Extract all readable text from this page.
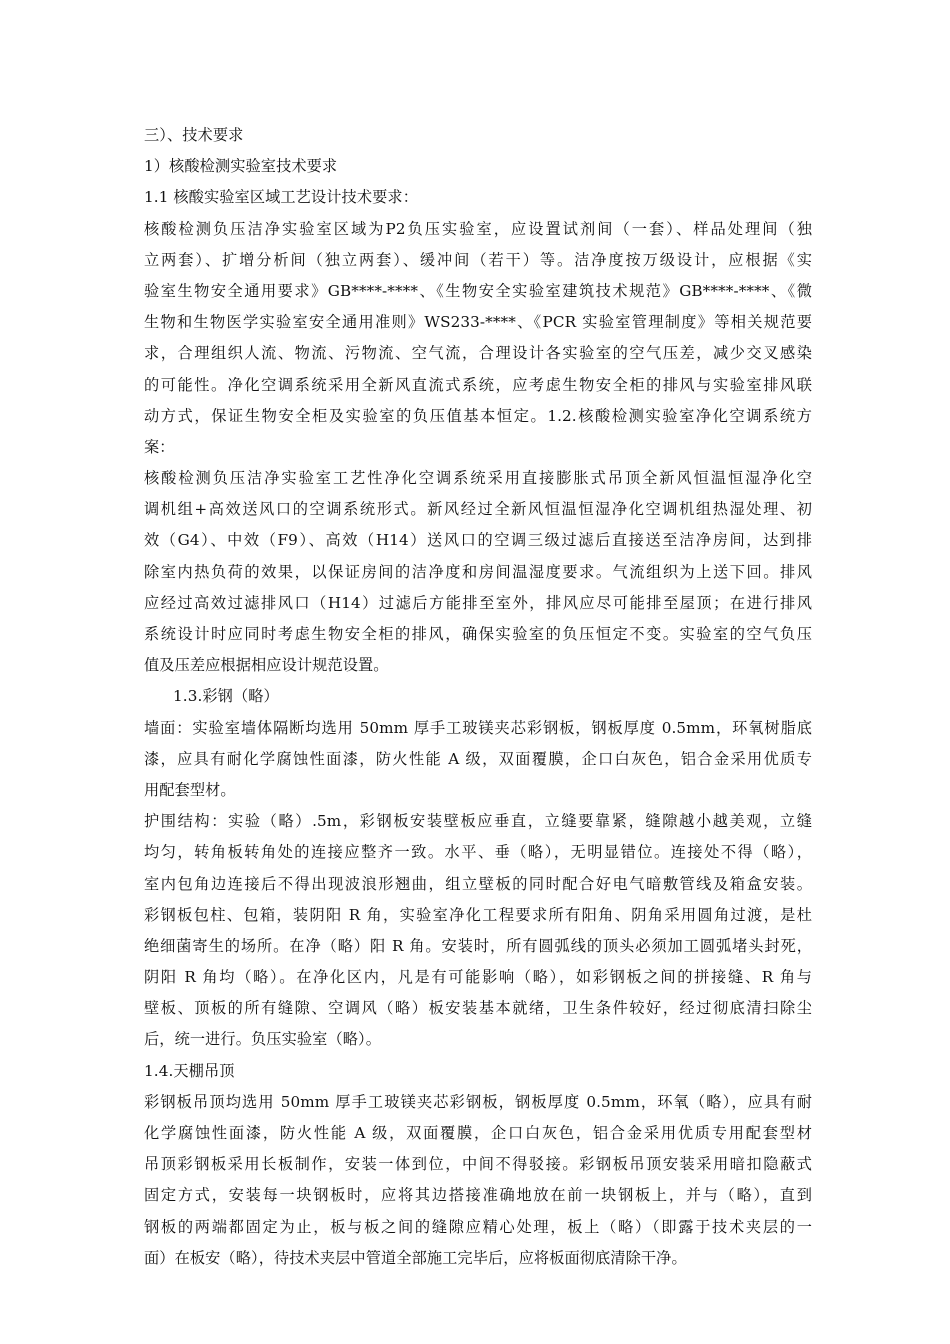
三）、技术要求
1）核酸检测实验室技术要求
1.1 核酸实验室区域工艺设计技术要求：
核酸检测负压洁净实验室区域为P2负压实验室，应设置试剂间（一套）、样品处理间（独
立两套）、扩增分析间（独立两套）、缓冲间（若干）等。洁净度按万级设计，应根据《实
验室生物安全通用要求》GB****-****、《生物安全实验室建筑技术规范》GB****-****、《微
生物和生物医学实验室安全通用准则》WS233-****、《PCR 实验室管理制度》等相关规范要
求，合理组织人流、物流、污物流、空气流，合理设计各实验室的空气压差，减少交叉感染
的可能性。净化空调系统采用全新风直流式系统，应考虑生物安全柜的排风与实验室排风联
动方式，保证生物安全柜及实验室的负压值基本恒定。1.2.核酸检测实验室净化空调系统方
案：
核酸检测负压洁净实验室工艺性净化空调系统采用直接膨胀式吊顶全新风恒温恒湿净化空
调机组+高效送风口的空调系统形式。新风经过全新风恒温恒湿净化空调机组热湿处理、初
效（G4）、中效（F9）、高效（H14）送风口的空调三级过滤后直接送至洁净房间，达到排
除室内热负荷的效果，以保证房间的洁净度和房间温湿度要求。气流组织为上送下回。排风
应经过高效过滤排风口（H14）过滤后方能排至室外，排风应尽可能排至屋顶；在进行排风
系统设计时应同时考虑生物安全柜的排风，确保实验室的负压恒定不变。实验室的空气负压
值及压差应根据相应设计规范设置。
1.3.彩钢（略）
墙面：实验室墙体隔断均选用 50mm 厚手工玻镁夹芯彩钢板，钢板厚度 0.5mm，环氧树脂底
漆，应具有耐化学腐蚀性面漆，防火性能 A 级，双面覆膜，企口白灰色，铝合金采用优质专
用配套型材。
护围结构：实验（略）.5m，彩钢板安装壁板应垂直，立缝要靠紧，缝隙越小越美观，立缝
均匀，转角板转角处的连接应整齐一致。水平、垂（略），无明显错位。连接处不得（略），
室内包角边连接后不得出现波浪形翘曲，组立壁板的同时配合好电气暗敷管线及箱盒安装。
彩钢板包柱、包箱，装阴阳 R 角，实验室净化工程要求所有阳角、阴角采用圆角过渡，是杜
绝细菌寄生的场所。在净（略）阳 R 角。安装时，所有圆弧线的顶头必须加工圆弧堵头封死，
阴阳 R 角均（略）。在净化区内，凡是有可能影响（略），如彩钢板之间的拼接缝、R 角与
壁板、顶板的所有缝隙、空调风（略）板安装基本就绪，卫生条件较好，经过彻底清扫除尘
后，统一进行。负压实验室（略）。
1.4.天棚吊顶
彩钢板吊顶均选用 50mm 厚手工玻镁夹芯彩钢板，钢板厚度 0.5mm，环氧（略），应具有耐
化学腐蚀性面漆，防火性能 A 级，双面覆膜，企口白灰色，铝合金采用优质专用配套型材
吊顶彩钢板采用长板制作，安装一体到位，中间不得驳接。彩钢板吊顶安装采用暗扣隐蔽式
固定方式，安装每一块钢板时，应将其边搭接准确地放在前一块钢板上，并与（略），直到
钢板的两端都固定为止，板与板之间的缝隙应精心处理，板上（略）（即露于技术夹层的一
面）在板安（略），待技术夹层中管道全部施工完毕后，应将板面彻底清除干净。
